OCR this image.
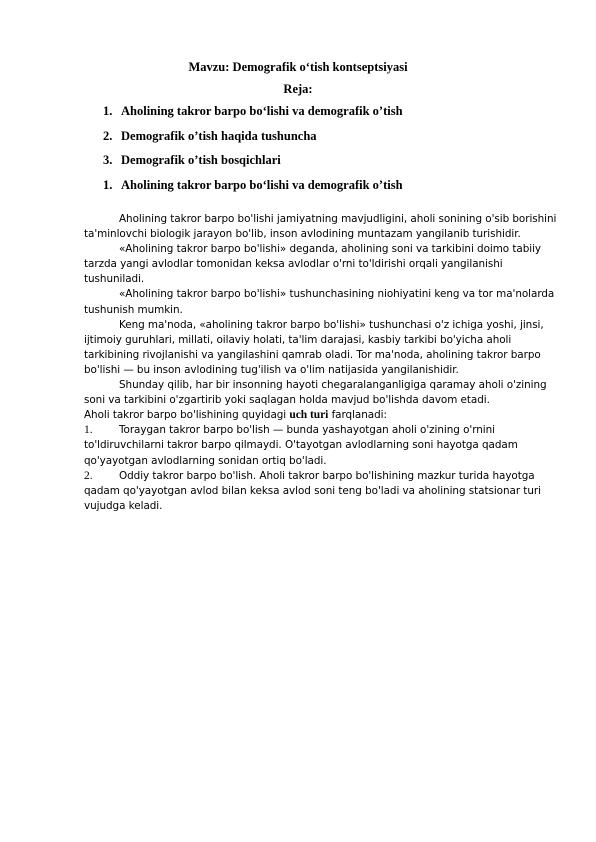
Mavzu: Demografik o‘tish kontseptsiyasi
Reja:
1. Aholining takror barpo bo‘lishi va demografik o’tish
2. Demografik o’tish haqida tushuncha
3. Demografik o’tish bosqichlari
1. Aholining takror barpo bo‘lishi va demografik o’tish

Aholining takror barpo bo'lishi jamiyatning mavjudligini, aholi sonining o'sib borishini ta'minlovchi biologik jarayon bo'lib, inson avlodining muntazam yangilanib turishidir.

«Aholining takror barpo bo'lishi» deganda, aholining soni va tarkibini doimo tabiiy tarzda yangi avlodlar tomonidan keksa avlodlar o'rni to'ldirishi orqali yangilanishi tushuniladi.

«Aholining takror barpo bo'lishi» tushunchasining niohiyatini keng va tor ma'nolarda tushunish mumkin.

Keng ma'noda, «aholining takror barpo bo'lishi» tushunchasi o'z ichiga yoshi, jinsi, ijtimoiy guruhlari, millati, oilaviy holati, ta'lim darajasi, kasbiy tarkibi bo'yicha aholi tarkibining rivojlanishi va yangilashini qamrab oladi. Tor ma'noda, aholining takror barpo bo'lishi — bu inson avlodining tug'ilish va o'lim natijasida yangilanishidir.

Shunday qilib, har bir insonning hayoti chegaralanganligiga qaramay aholi o'zining soni va tarkibini o'zgartirib yoki saqlagan holda mavjud bo'lishda davom etadi.

Aholi takror barpo bo'lishining quyidagi uch turi farqlanadi:

1.	Toraygan takror barpo bo'lish — bunda yashayotgan aholi o'zining o'rnini to'ldiruvchilarni takror barpo qilmaydi. O'tayotgan avlodlarning soni hayotga qadam qo'yayotgan avlodlarning sonidan ortiq bo'ladi.

2.	Oddiy takror barpo bo'lish. Aholi takror barpo bo'lishining mazkur turida hayotga qadam qo'yayotgan avlod bilan keksa avlod soni teng bo'ladi va aholining statsionar turi vujudga keladi.
